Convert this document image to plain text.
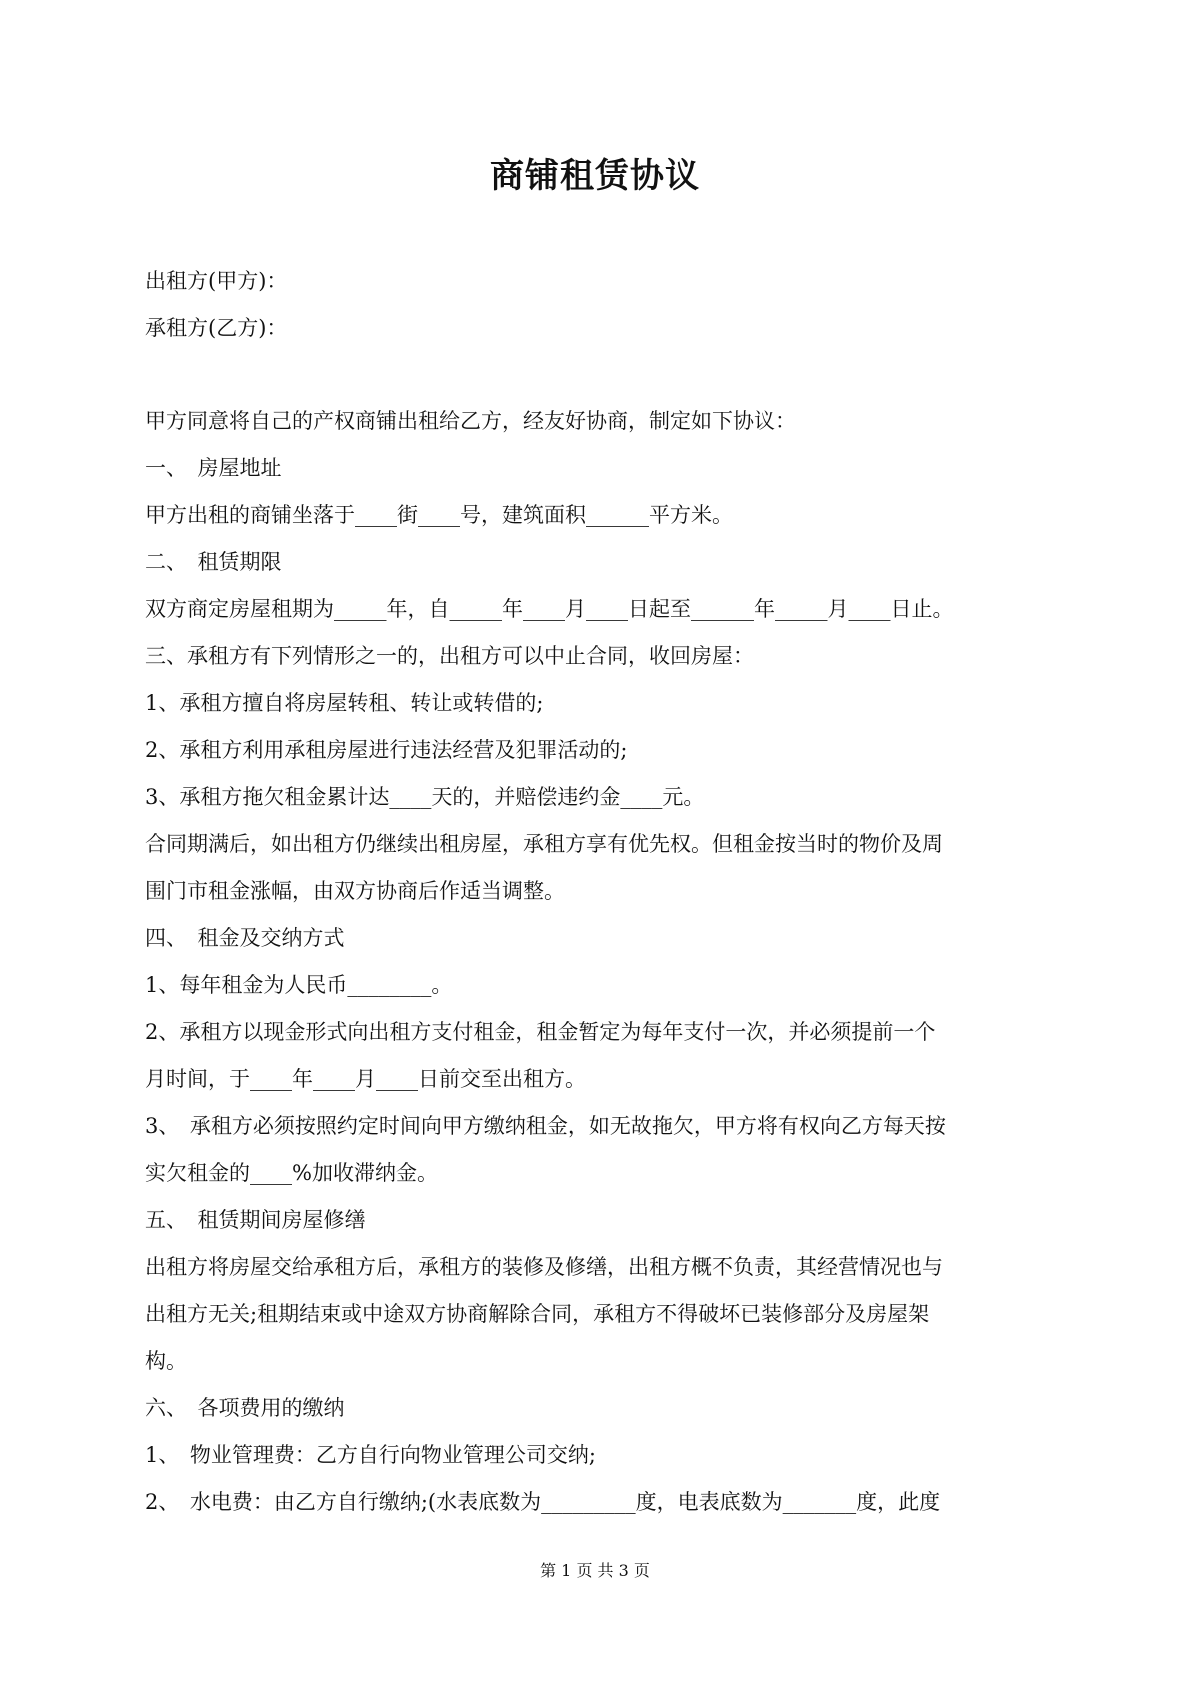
商铺租赁协议
出租方(甲方)：
承租方(乙方)：
甲方同意将自己的产权商铺出租给乙方，经友好协商，制定如下协议：
一、　房屋地址
甲方出租的商铺坐落于____街____号，建筑面积______平方米。
二、　租赁期限
双方商定房屋租期为_____年，自_____年____月____日起至______年_____月____日止。
三、承租方有下列情形之一的，出租方可以中止合同，收回房屋：
1、承租方擅自将房屋转租、转让或转借的;
2、承租方利用承租房屋进行违法经营及犯罪活动的;
3、承租方拖欠租金累计达____天的，并赔偿违约金____元。
合同期满后，如出租方仍继续出租房屋，承租方享有优先权。但租金按当时的物价及周
围门市租金涨幅，由双方协商后作适当调整。
四、　租金及交纳方式
1、每年租金为人民币________。
2、承租方以现金形式向出租方支付租金，租金暂定为每年支付一次，并必须提前一个
月时间，于____年____月____日前交至出租方。
3、　承租方必须按照约定时间向甲方缴纳租金，如无故拖欠，甲方将有权向乙方每天按
实欠租金的____%加收滞纳金。
五、　租赁期间房屋修缮
出租方将房屋交给承租方后，承租方的装修及修缮，出租方概不负责，其经营情况也与
出租方无关;租期结束或中途双方协商解除合同，承租方不得破坏已装修部分及房屋架
构。
六、　各项费用的缴纳
1、　物业管理费：乙方自行向物业管理公司交纳;
2、　水电费：由乙方自行缴纳;(水表底数为_________度，电表底数为_______度，此度
第 1 页 共 3 页
